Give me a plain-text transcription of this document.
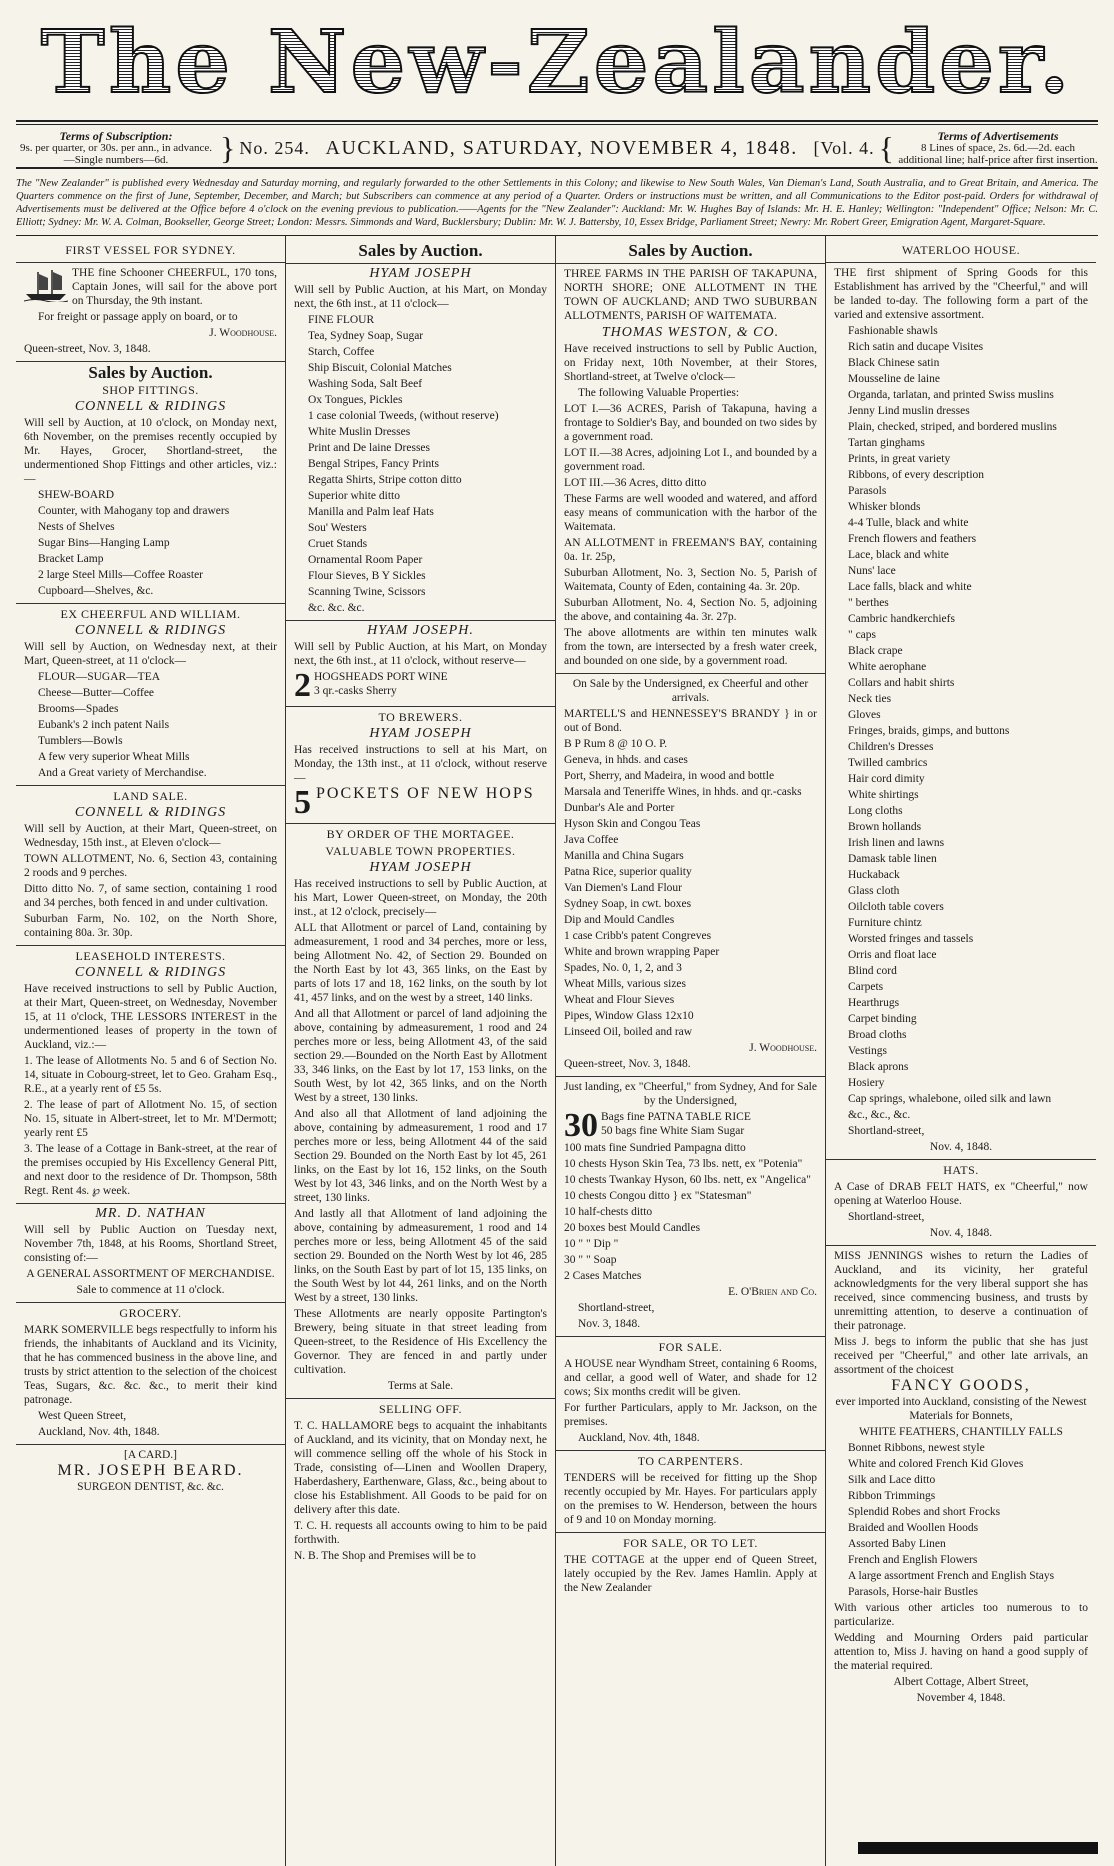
The New-Zealander.
Terms of Subscription:
9s. per quarter, or 30s. per ann., in advance.—Single numbers—6d.	} No. 254. AUCKLAND, SATURDAY, NOVEMBER 4, 1848. [Vol. 4. {	Terms of Advertisements
8 Lines of space, 2s. 6d.—2d. each additional line; half-price after first insertion.
The "New Zealander" is published every Wednesday and Saturday morning, and regularly forwarded to the other Settlements in this Colony; and likewise to New South Wales, Van Dieman's Land, South Australia, and to Great Britain, and America. The Quarters commence on the first of June, September, December, and March; but Subscribers can commence at any period of a Quarter. Orders or instructions must be written, and all Communications to the Editor post-paid. Orders for withdrawal of Advertisements must be delivered at the Office before 4 o'clock on the evening previous to publication.——Agents for the "New Zealander": Auckland: Mr. W. Hughes Bay of Islands: Mr. H. E. Hanley; Wellington: "Independent" Office; Nelson: Mr. C. Elliott; Sydney: Mr. W. A. Colman, Bookseller, George Street; London: Messrs. Simmonds and Ward, Bucklersbury; Dublin: Mr. W. J. Battersby, 10, Essex Bridge, Parliament Street; Newry: Mr. Robert Greer, Emigration Agent, Margaret-Square.
FIRST VESSEL FOR SYDNEY.

THE fine Schooner CHEERFUL, 170 tons, Captain Jones, will sail for the above port on Thursday, the 9th instant.

For freight or passage apply on board, or to

J. Woodhouse.

Queen-street, Nov. 3, 1848.

Sales by Auction.
SHOP FITTINGS.
CONNELL & RIDINGS

Will sell by Auction, at 10 o'clock, on Monday next, 6th November, on the premises recently occupied by Mr. Hayes, Grocer, Shortland-street, the undermentioned Shop Fittings and other articles, viz.:—

SHEW-BOARD

Counter, with Mahogany top and drawers

Nests of Shelves

Sugar Bins—Hanging Lamp

Bracket Lamp

2 large Steel Mills—Coffee Roaster

Cupboard—Shelves, &c.

EX CHEERFUL AND WILLIAM.
CONNELL & RIDINGS

Will sell by Auction, on Wednesday next, at their Mart, Queen-street, at 11 o'clock—

FLOUR—SUGAR—TEA

Cheese—Butter—Coffee

Brooms—Spades

Eubank's 2 inch patent Nails

Tumblers—Bowls

A few very superior Wheat Mills

And a Great variety of Merchandise.

LAND SALE.
CONNELL & RIDINGS

Will sell by Auction, at their Mart, Queen-street, on Wednesday, 15th inst., at Eleven o'clock—

TOWN ALLOTMENT, No. 6, Section 43, containing 2 roods and 9 perches.

Ditto ditto No. 7, of same section, containing 1 rood and 34 perches, both fenced in and under cultivation.

Suburban Farm, No. 102, on the North Shore, containing 80a. 3r. 30p.

LEASEHOLD INTERESTS.
CONNELL & RIDINGS

Have received instructions to sell by Public Auction, at their Mart, Queen-street, on Wednesday, November 15, at 11 o'clock, THE LESSORS INTEREST in the undermentioned leases of property in the town of Auckland, viz.:—

1. The lease of Allotments No. 5 and 6 of Section No. 14, situate in Cobourg-street, let to Geo. Graham Esq., R.E., at a yearly rent of £5 5s.

2. The lease of part of Allotment No. 15, of section No. 15, situate in Albert-street, let to Mr. M'Dermott; yearly rent £5

3. The lease of a Cottage in Bank-street, at the rear of the premises occupied by His Excellency General Pitt, and next door to the residence of Dr. Thompson, 58th Regt. Rent 4s. ℘ week.

MR. D. NATHAN

Will sell by Public Auction on Tuesday next, November 7th, 1848, at his Rooms, Shortland Street, consisting of:—

A GENERAL ASSORTMENT OF MERCHANDISE.

Sale to commence at 11 o'clock.

GROCERY.

MARK SOMERVILLE begs respectfully to inform his friends, the inhabitants of Auckland and its Vicinity, that he has commenced business in the above line, and trusts by strict attention to the selection of the choicest Teas, Sugars, &c. &c. &c., to merit their kind patronage.

West Queen Street,

Auckland, Nov. 4th, 1848.

[A CARD.]

MR. JOSEPH BEARD.

SURGEON DENTIST, &c. &c.

Sales by Auction.
HYAM JOSEPH

Will sell by Public Auction, at his Mart, on Monday next, the 6th inst., at 11 o'clock—

FINE FLOUR

Tea, Sydney Soap, Sugar

Starch, Coffee

Ship Biscuit, Colonial Matches

Washing Soda, Salt Beef

Ox Tongues, Pickles

1 case colonial Tweeds, (without reserve)

White Muslin Dresses

Print and De laine Dresses

Bengal Stripes, Fancy Prints

Regatta Shirts, Stripe cotton ditto

Superior white ditto

Manilla and Palm leaf Hats

Sou' Westers

Cruet Stands

Ornamental Room Paper

Flour Sieves, B Y Sickles

Scanning Twine, Scissors

&c. &c. &c.

HYAM JOSEPH.

Will sell by Public Auction, at his Mart, on Monday next, the 6th inst., at 11 o'clock, without reserve—

2 HOGSHEADS PORT WINE
3 qr.-casks Sherry

TO BREWERS.
HYAM JOSEPH

Has received instructions to sell at his Mart, on Monday, the 13th inst., at 11 o'clock, without reserve—

5 POCKETS OF NEW HOPS

BY ORDER OF THE MORTAGEE.
VALUABLE TOWN PROPERTIES.
HYAM JOSEPH

Has received instructions to sell by Public Auction, at his Mart, Lower Queen-street, on Monday, the 20th inst., at 12 o'clock, precisely—

ALL that Allotment or parcel of Land, containing by admeasurement, 1 rood and 34 perches, more or less, being Allotment No. 42, of Section 29. Bounded on the North East by lot 43, 365 links, on the East by parts of lots 17 and 18, 162 links, on the south by lot 41, 457 links, and on the west by a street, 140 links.

And all that Allotment or parcel of land adjoining the above, containing by admeasurement, 1 rood and 24 perches more or less, being Allotment 43, of the said section 29.—Bounded on the North East by Allotment 33, 346 links, on the East by lot 17, 153 links, on the South West, by lot 42, 365 links, and on the North West by a street, 130 links.

And also all that Allotment of land adjoining the above, containing by admeasurement, 1 rood and 17 perches more or less, being Allotment 44 of the said Section 29. Bounded on the North East by lot 45, 261 links, on the East by lot 16, 152 links, on the South West by lot 43, 346 links, and on the North West by a street, 130 links.

And lastly all that Allotment of land adjoining the above, containing by admeasurement, 1 rood and 14 perches more or less, being Allotment 45 of the said section 29. Bounded on the North West by lot 46, 285 links, on the South East by part of lot 15, 135 links, on the South West by lot 44, 261 links, and on the North West by a street, 130 links.

These Allotments are nearly opposite Partington's Brewery, being situate in that street leading from Queen-street, to the Residence of His Excellency the Governor. They are fenced in and partly under cultivation.

Terms at Sale.

SELLING OFF.

T. C. HALLAMORE begs to acquaint the inhabitants of Auckland, and its vicinity, that on Monday next, he will commence selling off the whole of his Stock in Trade, consisting of—Linen and Woollen Drapery, Haberdashery, Earthenware, Glass, &c., being about to close his Establishment. All Goods to be paid for on delivery after this date.

T. C. H. requests all accounts owing to him to be paid forthwith.

N. B. The Shop and Premises will be to

Sales by Auction.

THREE FARMS IN THE PARISH OF TAKAPUNA, NORTH SHORE; ONE ALLOTMENT IN THE TOWN OF AUCKLAND; AND TWO SUBURBAN ALLOTMENTS, PARISH OF WAITEMATA.

THOMAS WESTON, & CO.

Have received instructions to sell by Public Auction, on Friday next, 10th November, at their Stores, Shortland-street, at Twelve o'clock—

The following Valuable Properties:

LOT I.—36 ACRES, Parish of Takapuna, having a frontage to Soldier's Bay, and bounded on two sides by a government road.

LOT II.—38 Acres, adjoining Lot I., and bounded by a government road.

LOT III.—36 Acres, ditto ditto

These Farms are well wooded and watered, and afford easy means of communication with the harbor of the Waitemata.

AN ALLOTMENT in FREEMAN'S BAY, containing 0a. 1r. 25p,

Suburban Allotment, No. 3, Section No. 5, Parish of Waitemata, County of Eden, containing 4a. 3r. 20p.

Suburban Allotment, No. 4, Section No. 5, adjoining the above, and containing 4a. 3r. 27p.

The above allotments are within ten minutes walk from the town, are intersected by a fresh water creek, and bounded on one side, by a government road.

On Sale by the Undersigned, ex Cheerful and other arrivals.

MARTELL'S and HENNESSEY'S BRANDY } in or out of Bond.

B P Rum 8 @ 10 O. P.

Geneva, in hhds. and cases

Port, Sherry, and Madeira, in wood and bottle

Marsala and Teneriffe Wines, in hhds. and qr.-casks

Dunbar's Ale and Porter

Hyson Skin and Congou Teas

Java Coffee

Manilla and China Sugars

Patna Rice, superior quality

Van Diemen's Land Flour

Sydney Soap, in cwt. boxes

Dip and Mould Candles

1 case Cribb's patent Congreves

White and brown wrapping Paper

Spades, No. 0, 1, 2, and 3

Wheat Mills, various sizes

Wheat and Flour Sieves

Pipes, Window Glass 12x10

Linseed Oil, boiled and raw

J. Woodhouse.

Queen-street, Nov. 3, 1848.

Just landing, ex "Cheerful," from Sydney, And for Sale by the Undersigned,

30 Bags fine PATNA TABLE RICE
50 bags fine White Siam Sugar

100 mats fine Sundried Pampagna ditto

10 chests Hyson Skin Tea, 73 lbs. nett, ex "Potenia"

10 chests Twankay Hyson, 60 lbs. nett, ex "Angelica"

10 chests Congou ditto } ex "Statesman"

10 half-chests ditto

20 boxes best Mould Candles

10 " " Dip "

30 " " Soap

2 Cases Matches

E. O'Brien and Co.

Shortland-street,

Nov. 3, 1848.

FOR SALE.

A HOUSE near Wyndham Street, containing 6 Rooms, and cellar, a good well of Water, and shade for 12 cows; Six months credit will be given.

For further Particulars, apply to Mr. Jackson, on the premises.

Auckland, Nov. 4th, 1848.

TO CARPENTERS.

TENDERS will be received for fitting up the Shop recently occupied by Mr. Hayes. For particulars apply on the premises to W. Henderson, between the hours of 9 and 10 on Monday morning.

FOR SALE, OR TO LET.

THE COTTAGE at the upper end of Queen Street, lately occupied by the Rev. James Hamlin. Apply at the New Zealander

WATERLOO HOUSE.

THE first shipment of Spring Goods for this Establishment has arrived by the "Cheerful," and will be landed to-day. The following form a part of the varied and extensive assortment.

Fashionable shawls

Rich satin and ducape Visites

Black Chinese satin

Mousseline de laine

Organda, tarlatan, and printed Swiss muslins

Jenny Lind muslin dresses

Plain, checked, striped, and bordered muslins

Tartan ginghams

Prints, in great variety

Ribbons, of every description

Parasols

Whisker blonds

4-4 Tulle, black and white

French flowers and feathers

Lace, black and white

Nuns' lace

Lace falls, black and white

" berthes

Cambric handkerchiefs

" caps

Black crape

White aerophane

Collars and habit shirts

Neck ties

Gloves

Fringes, braids, gimps, and buttons

Children's Dresses

Twilled cambrics

Hair cord dimity

White shirtings

Long cloths

Brown hollands

Irish linen and lawns

Damask table linen

Huckaback

Glass cloth

Oilcloth table covers

Furniture chintz

Worsted fringes and tassels

Orris and float lace

Blind cord

Carpets

Hearthrugs

Carpet binding

Broad cloths

Vestings

Black aprons

Hosiery

Cap springs, whalebone, oiled silk and lawn

&c., &c., &c.

Shortland-street,

Nov. 4, 1848.

HATS.

A Case of DRAB FELT HATS, ex "Cheerful," now opening at Waterloo House.

Shortland-street,

Nov. 4, 1848.

MISS JENNINGS wishes to return the Ladies of Auckland, and its vicinity, her grateful acknowledgments for the very liberal support she has received, since commencing business, and trusts by unremitting attention, to deserve a continuation of their patronage.

Miss J. begs to inform the public that she has just received per "Cheerful," and other late arrivals, an assortment of the choicest

FANCY GOODS,

ever imported into Auckland, consisting of the Newest Materials for Bonnets,

WHITE FEATHERS, CHANTILLY FALLS

Bonnet Ribbons, newest style

White and colored French Kid Gloves

Silk and Lace ditto

Ribbon Trimmings

Splendid Robes and short Frocks

Braided and Woollen Hoods

Assorted Baby Linen

French and English Flowers

A large assortment French and English Stays

Parasols, Horse-hair Bustles

With various other articles too numerous to to particularize.

Wedding and Mourning Orders paid particular attention to, Miss J. having on hand a good supply of the material required.

Albert Cottage, Albert Street,

November 4, 1848.
